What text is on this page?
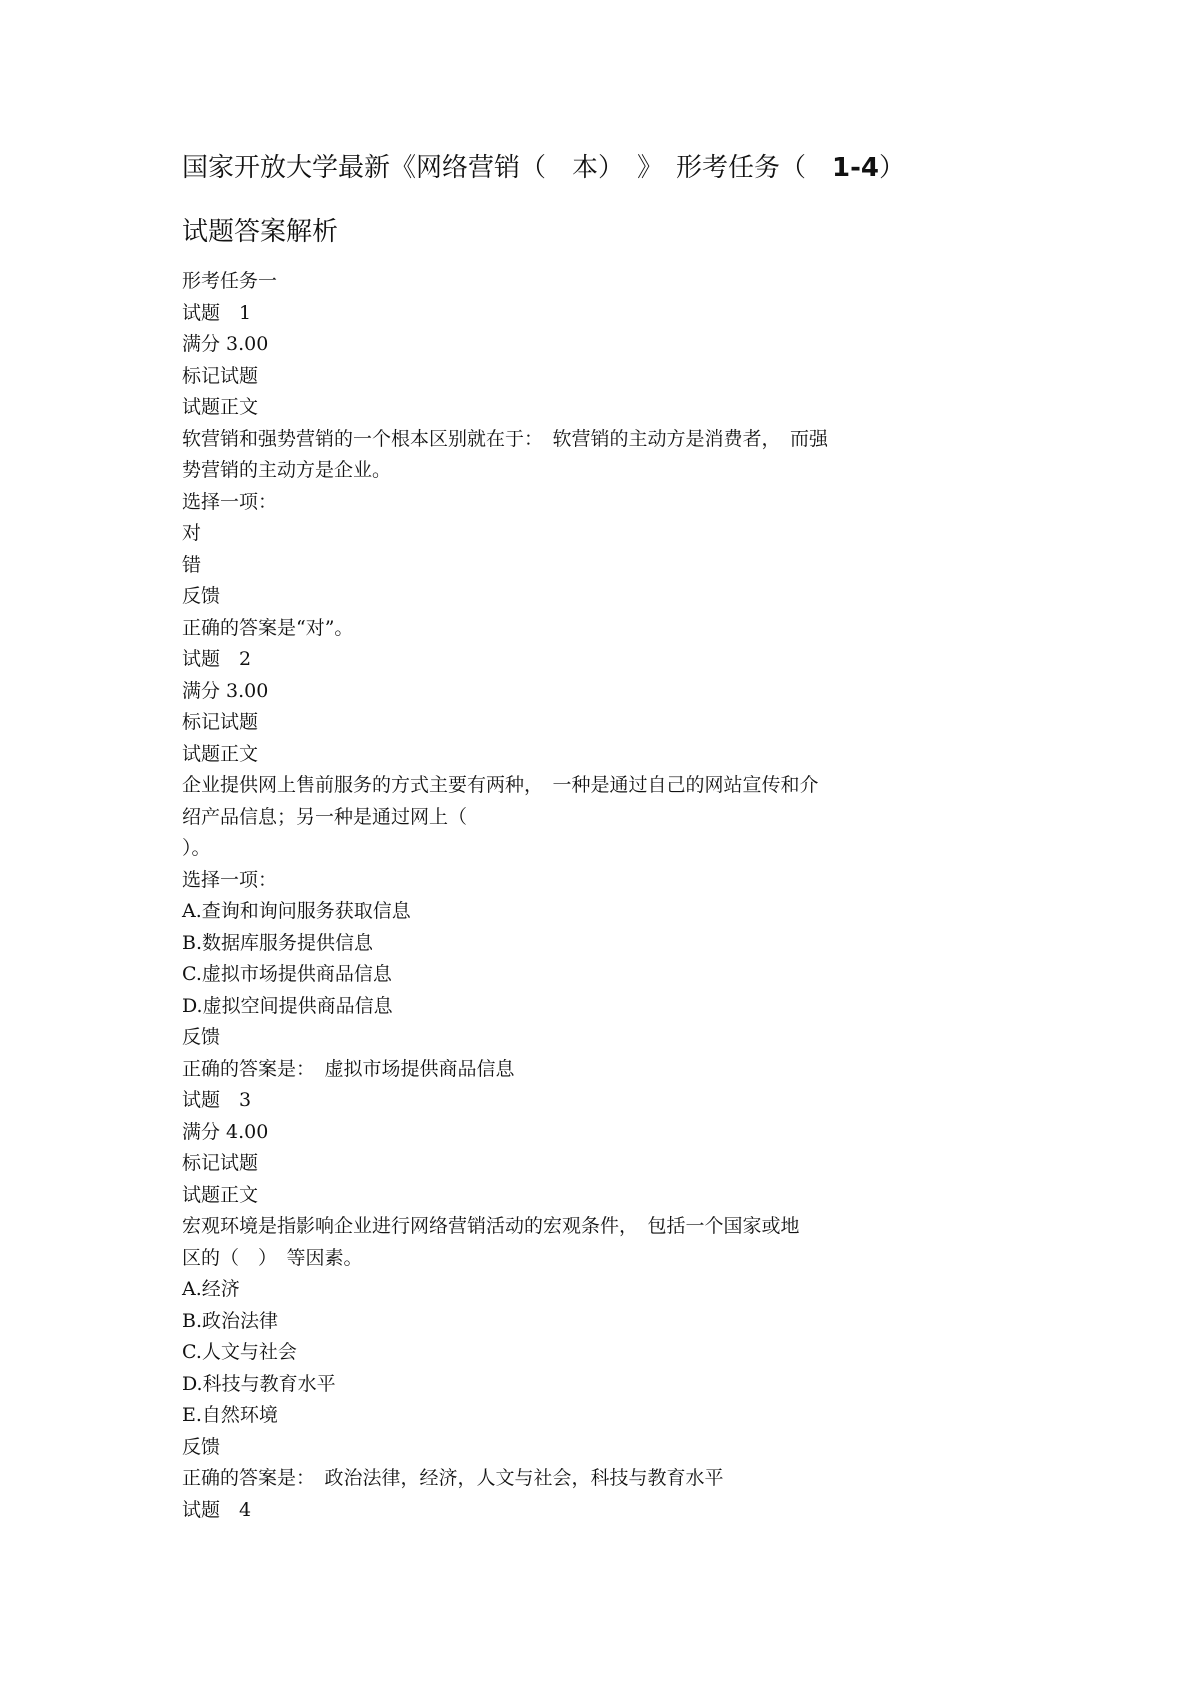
国家开放大学最新《网络营销（　本）　》　形考任务（　1-4）
试题答案解析
形考任务一
试题　1
满分 3.00
标记试题
试题正文
软营销和强势营销的一个根本区别就在于：　软营销的主动方是消费者，　而强
势营销的主动方是企业。
选择一项：
对
错
反馈
正确的答案是“对”。
试题　2
满分 3.00
标记试题
试题正文
企业提供网上售前服务的方式主要有两种，　一种是通过自己的网站宣传和介
绍产品信息；另一种是通过网上（
）。
选择一项：
A.查询和询问服务获取信息
B.数据库服务提供信息
C.虚拟市场提供商品信息
D.虚拟空间提供商品信息
反馈
正确的答案是：　虚拟市场提供商品信息
试题　3
满分 4.00
标记试题
试题正文
宏观环境是指影响企业进行网络营销活动的宏观条件，　包括一个国家或地
区的（　）　等因素。
A.经济
B.政治法律
C.人文与社会
D.科技与教育水平
E.自然环境
反馈
正确的答案是：　政治法律，经济，人文与社会，科技与教育水平
试题　4
